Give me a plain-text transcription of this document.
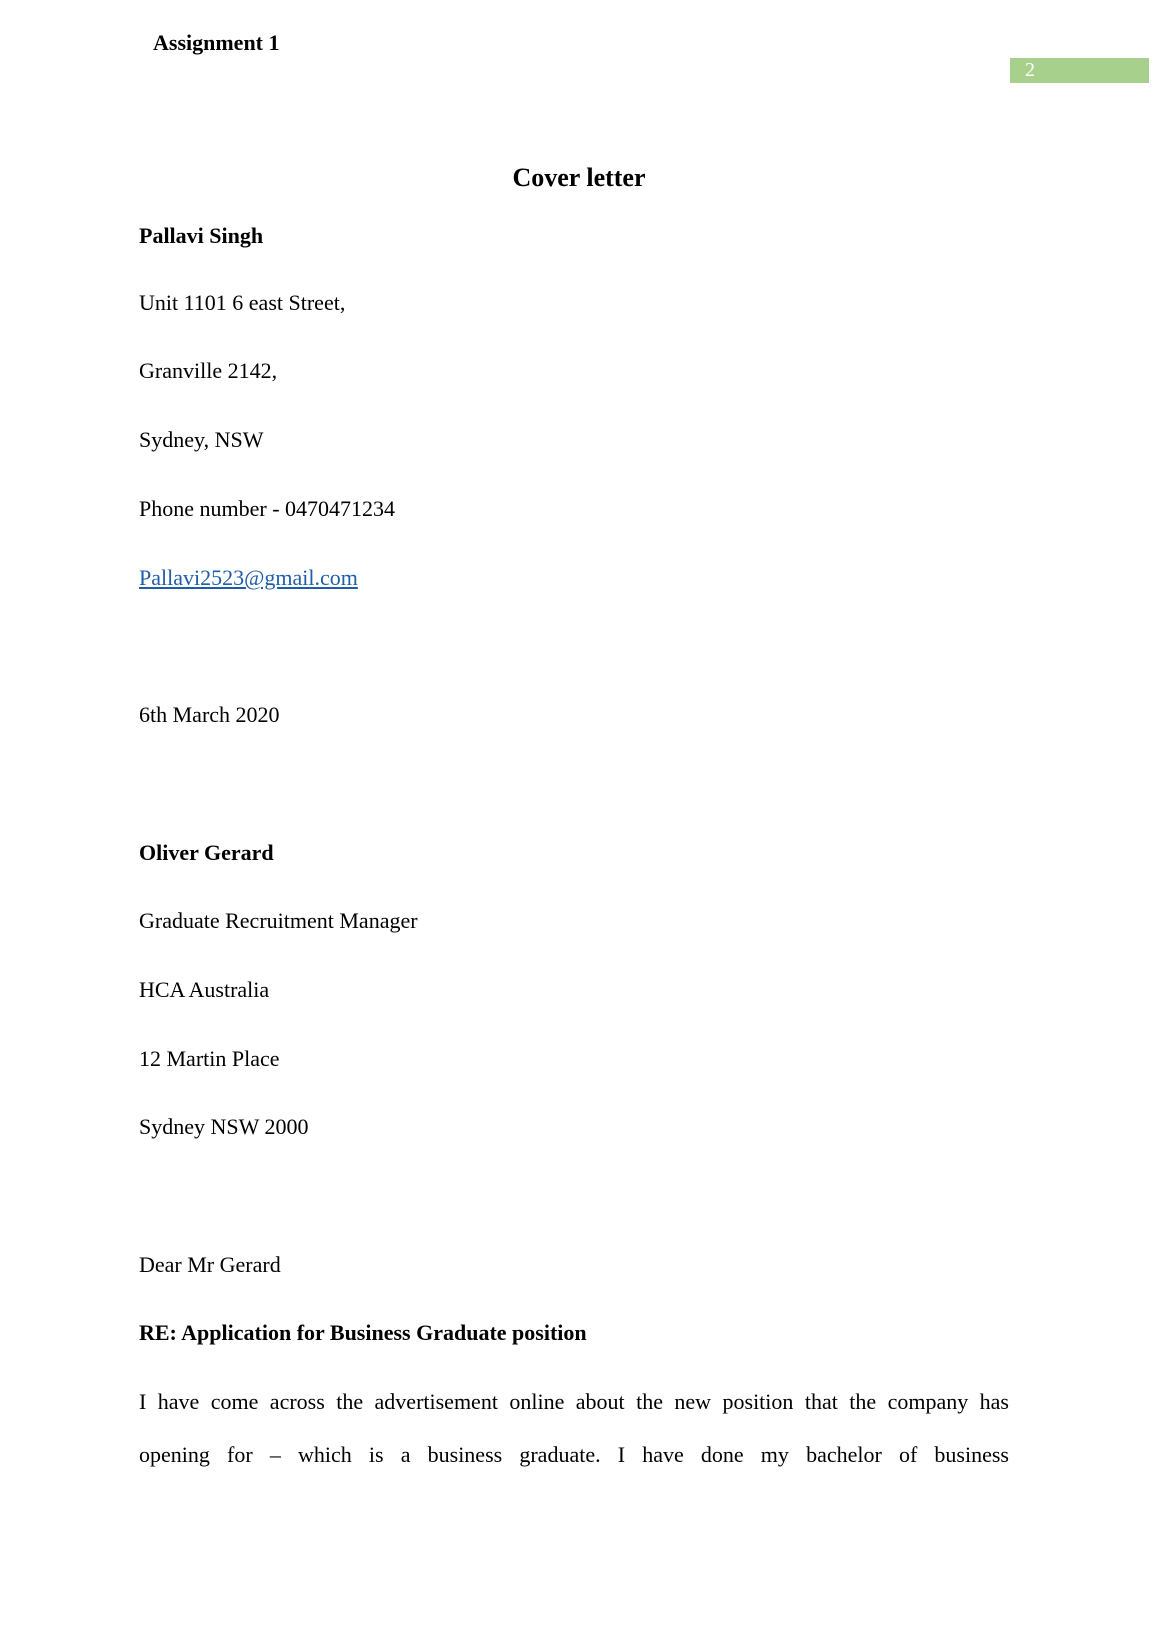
Assignment 1
2
Cover letter
Pallavi Singh
Unit 1101 6 east Street,
Granville 2142,
Sydney, NSW
Phone number - 0470471234
Pallavi2523@gmail.com
6th March 2020
Oliver Gerard
Graduate Recruitment Manager
HCA Australia
12 Martin Place
Sydney NSW 2000
Dear Mr Gerard
RE: Application for Business Graduate position
I have come across the advertisement online about the new position that the company has
opening for – which is a business graduate. I have done my bachelor of business
